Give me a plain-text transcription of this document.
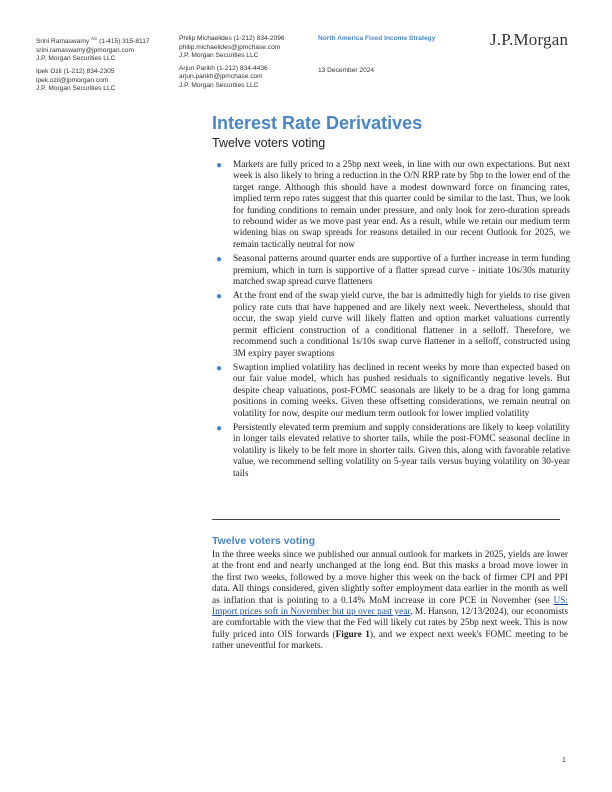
Srini Ramaswamy $^{AC}$ (1-415) 315-8117
srini.ramaswamy@jpmorgan.com
J.P. Morgan Securities LLC
Ipek Ozil (1-212) 834-2305
ipek.ozil@jpmorgan.com
J.P. Morgan Securities LLC
Philip Michaelides (1-212) 834-2096
philip.michaelides@jpmchase.com
J.P. Morgan Securities LLC
Arjun Parikh (1-212) 834-4436
arjun.parikh@jpmchase.com
J.P. Morgan Securities LLC
North America Fixed Income Strategy
13 December 2024
J.P.Morgan
Interest Rate Derivatives
Twelve voters voting
● Markets are fully priced to a 25bp next week, in line with our own expectations. But next week is also likely to bring a reduction in the O/N RRP rate by 5bp to the lower end of the target range. Although this should have a modest downward force on financing rates, implied term repo rates suggest that this quarter could be similar to the last. Thus, we look for funding conditions to remain under pressure, and only look for zero-duration spreads to rebound wider as we move past year end. As a result, while we retain our medium term widening bias on swap spreads for reasons detailed in our recent Outlook for 2025, we remain tactically neutral for now
● Seasonal patterns around quarter ends are supportive of a further increase in term funding premium, which in turn is supportive of a flatter spread curve - initiate 10s/30s maturity matched swap spread curve flatteners
● At the front end of the swap yield curve, the bar is admittedly high for yields to rise given policy rate cuts that have happened and are likely next week. Nevertheless, should that occur, the swap yield curve will likely flatten and option market valuations currently permit efficient construction of a conditional flattener in a selloff. Therefore, we recommend such a conditional 1s/10s swap curve flattener in a selloff, constructed using 3M expiry payer swaptions
● Swaption implied volatility has declined in recent weeks by more than expected based on our fair value model, which has pushed residuals to significantly negative levels. But despite cheap valuations, post-FOMC seasonals are likely to be a drag for long gamma positions in coming weeks. Given these offsetting considerations, we remain neutral on volatility for now, despite our medium term outlook for lower implied volatility
● Persistently elevated term premium and supply considerations are likely to keep volatility in longer tails elevated relative to shorter tails, while the post-FOMC seasonal decline in volatility is likely to be felt more in shorter tails. Given this, along with favorable relative value, we recommend selling volatility on 5-year tails versus buying volatility on 30-year tails
Twelve voters voting

In the three weeks since we published our annual outlook for markets in 2025, yields are lower at the front end and nearly unchanged at the long end. But this masks a broad move lower in the first two weeks, followed by a move higher this week on the back of firmer CPI and PPI data. All things considered, given slightly softer employment data earlier in the month as well as inflation that is pointing to a 0.14% MoM increase in core PCE in November (see US: Import prices soft in November but up over past year, M. Hanson, 12/13/2024), our economists are comfortable with the view that the Fed will likely cut rates by 25bp next week. This is now fully priced into OIS forwards (Figure 1), and we expect next week's FOMC meeting to be rather uneventful for markets.

1
